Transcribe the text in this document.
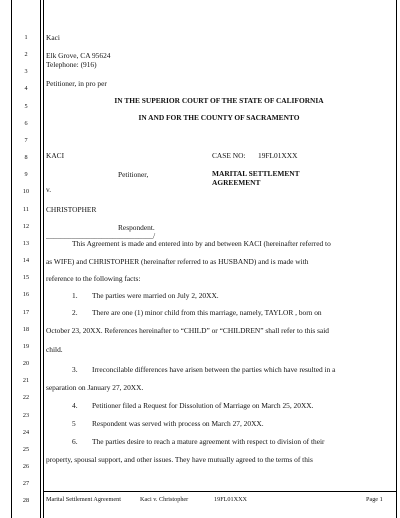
1
2
3
4
5
6
7
8
9
10
11
12
13
14
15
16
17
18
19
20
21
22
23
24
25
26
27
28
Kaci
Elk Grove, CA 95624
Telephone: (916)
Petitioner, in pro per
IN THE SUPERIOR COURT OF THE STATE OF CALIFORNIA
IN AND FOR THE COUNTY OF SACRAMENTO
KACI
Petitioner,
v.
CHRISTOPHER
Respondent.
_____________________________/
CASE NO: 19FL01XXX
MARITAL SETTLEMENT
AGREEMENT
This Agreement is made and entered into by and between KACI (hereinafter referred to
as WIFE) and CHRISTOPHER (hereinafter referred to as HUSBAND) and is made with
reference to the following facts:
1. The parties were married on July 2, 20XX.
2. There are one (1) minor child from this marriage, namely, TAYLOR , born on
October 23, 20XX. References hereinafter to “CHILD” or “CHILDREN” shall refer to this said
child.
3. Irreconcilable differences have arisen between the parties which have resulted in a
separation on January 27, 20XX.
4. Petitioner filed a Request for Dissolution of Marriage on March 25, 20XX.
5 Respondent was served with process on March 27, 20XX.
6. The parties desire to reach a mature agreement with respect to division of their
property, spousal support, and other issues. They have mutually agreed to the terms of this
Marital Settlement Agreement	Kaci v. Christopher	19FL01XXX	Page 1
